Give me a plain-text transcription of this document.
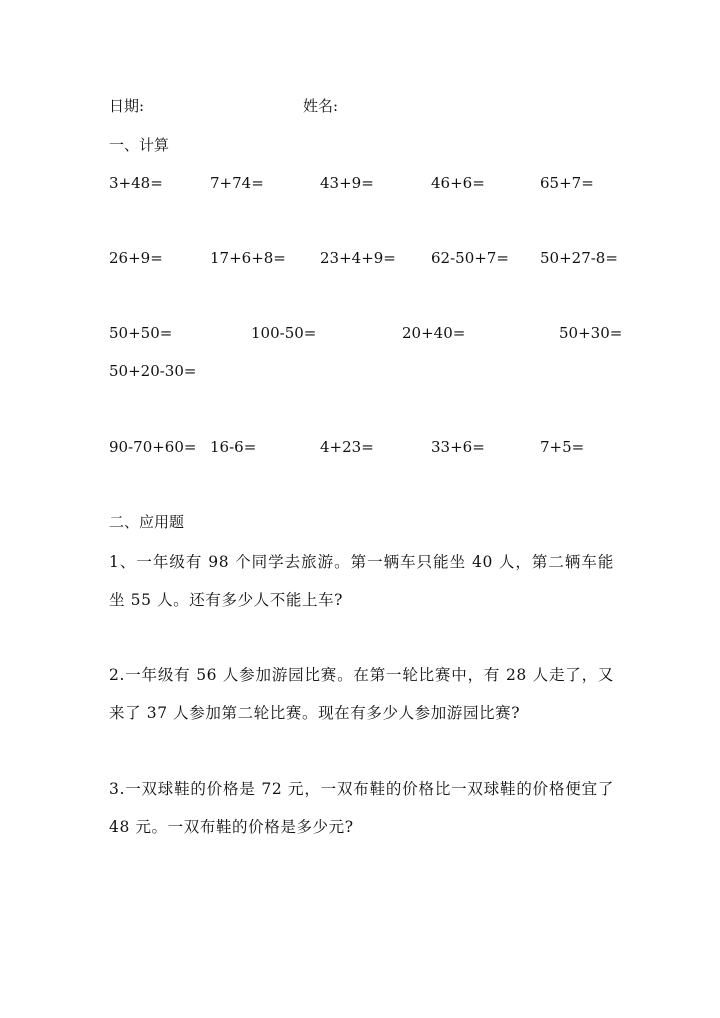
日期:	姓名:
一、计算
3+48=	7+74=	43+9=	46+6=	65+7=
26+9=	17+6+8= 23+4+9= 62-50+7= 50+27-8=
50+50=	100-50=	20+40=	50+30=
50+20-30=
90-70+60= 16-6=	4+23=	33+6=	7+5=
二、应用题
1、一年级有 98 个同学去旅游。第一辆车只能坐 40 人，第二辆车能坐 55 人。还有多少人不能上车?
2.一年级有 56 人参加游园比赛。在第一轮比赛中，有 28 人走了，又来了 37 人参加第二轮比赛。现在有多少人参加游园比赛?
3.一双球鞋的价格是 72 元，一双布鞋的价格比一双球鞋的价格便宜了 48 元。一双布鞋的价格是多少元?
